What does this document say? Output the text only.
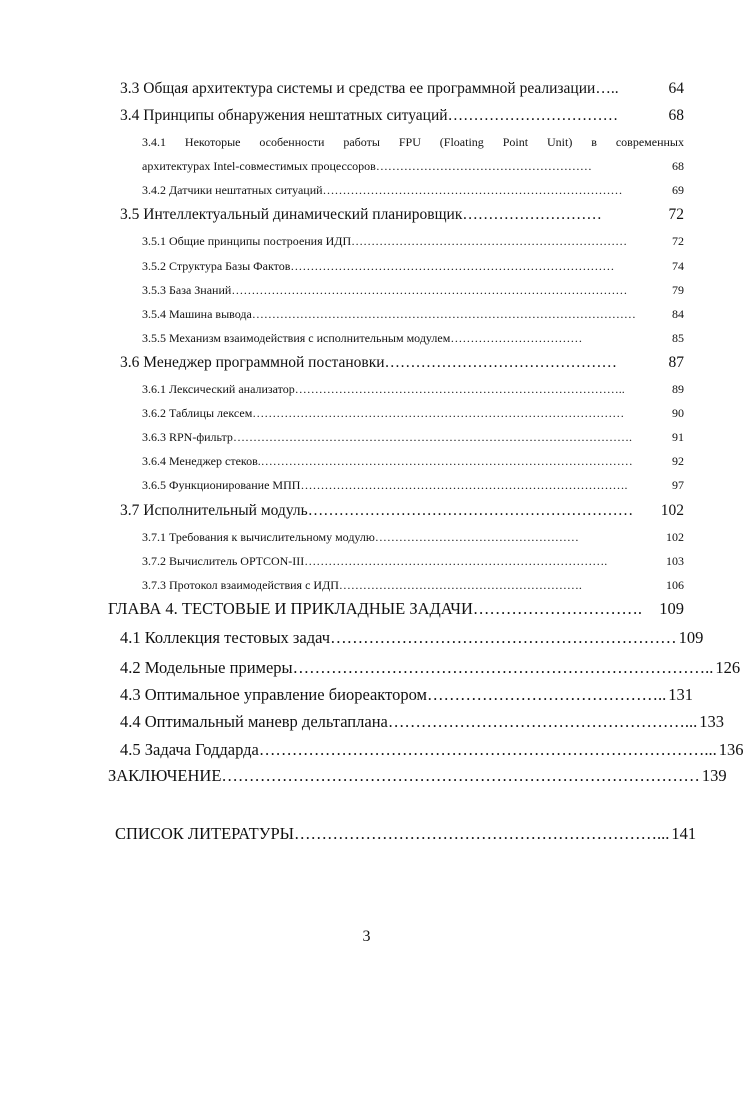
3.3 Общая архитектура системы и средства ее программной реализации …..	64
3.4 Принципы обнаружения нештатных ситуаций ……………………………	68
3.4.1 Некоторые особенности работы FPU (Floating Point Unit) в современных
архитектурах Intel-совместимых процессоров ………………………………………………	68
3.4.2 Датчики нештатных ситуаций …………………………………………………………………	69
3.5 Интеллектуальный динамический планировщик ………………………	72
3.5.1 Общие принципы построения ИДП ……………………………………………………………	72
3.5.2 Структура Базы Фактов ………………………………………………………………………	74
3.5.3 База Знаний ………………………………………………………………………………………	79
3.5.4 Машина вывода ……………………………………………………………………………………	84
3.5.5 Механизм взаимодействия с исполнительным модулем ……………………………	85
3.6 Менеджер программной постановки ………………………………………	87
3.6.1 Лексический анализатор ………………………………………………………………………..	89
3.6.2 Таблицы лексем …………………………………………………………………………………	90
3.6.3 RPN-фильтр ……………………………………………………………………………………….	91
3.6.4 Менеджер стеков. …………………………………………………………………………………	92
3.6.5 Функционирование МПП ……………………………………………………………………….	97
3.7 Исполнительный модуль ………………………………………………………	102
3.7.1 Требования к вычислительному модулю ……………………………………………	102
3.7.2 Вычислитель OPTCON-III ………………………………………………………………….	103
3.7.3 Протокол взаимодействия с ИДП …………………………………………………….	106
ГЛАВА 4. ТЕСТОВЫЕ И ПРИКЛАДНЫЕ ЗАДАЧИ ………………………….	109
4.1 Коллекция тестовых задач ……………………………………………………… 109
4.2 Модельные примеры ………………………………………………………………….. 126
4.3 Оптимальное управление биореактором …………………………………….. 131
4.4 Оптимальный маневр дельтаплана ………………………………………………... 133
4.5 Задача Годдарда ………………………………………………………………………... 136
ЗАКЛЮЧЕНИЕ …………………………………………………………………………… 139
СПИСОК ЛИТЕРАТУРЫ …………………………………………………………... 141
3
